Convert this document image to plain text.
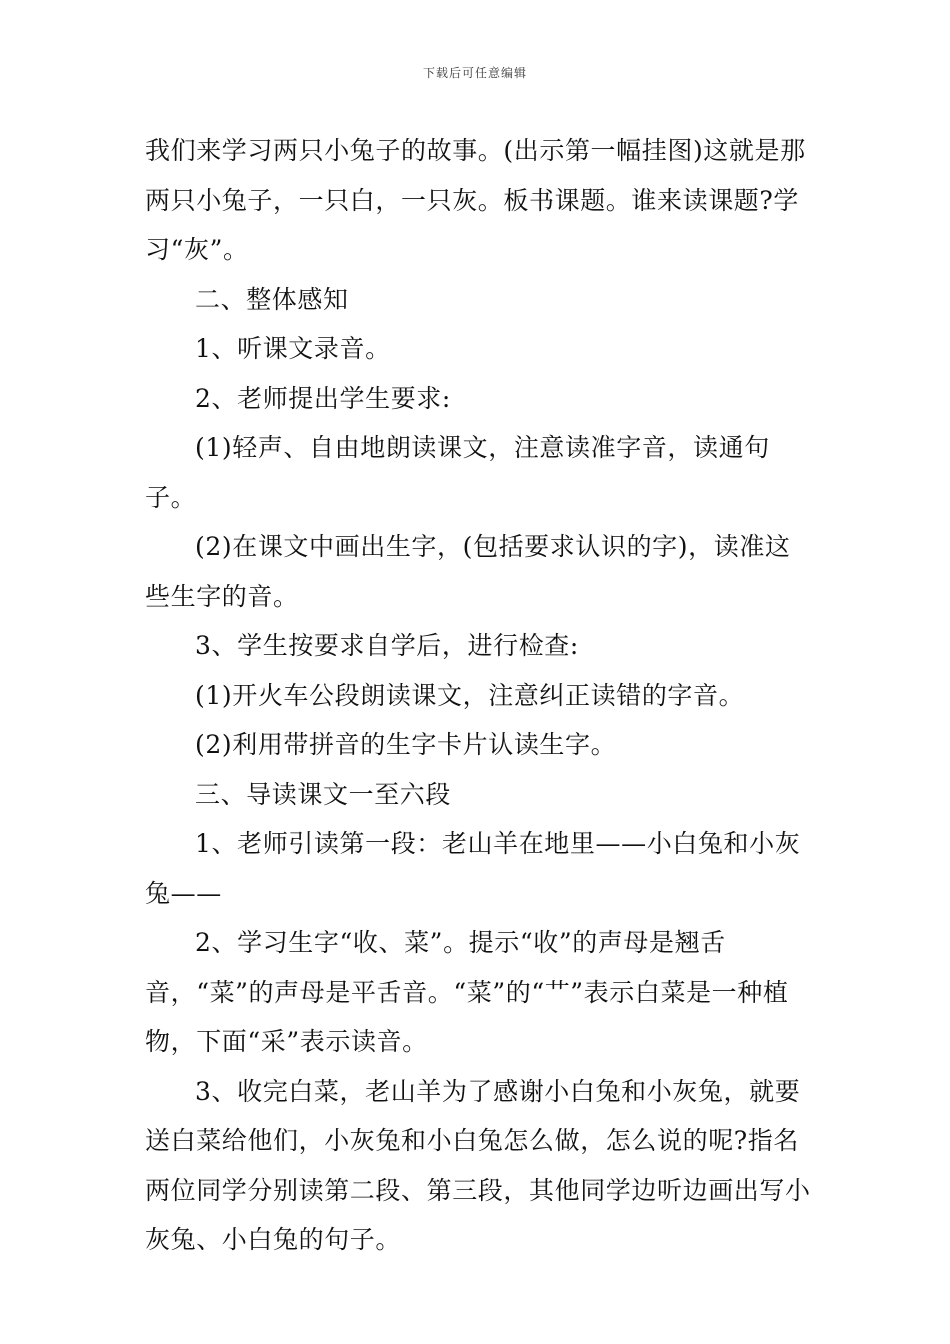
下载后可任意编辑

我们来学习两只小兔子的故事。(出示第一幅挂图)这就是那两只小兔子，一只白，一只灰。板书课题。谁来读课题?学习“灰”。

二、整体感知

1、听课文录音。

2、老师提出学生要求:

(1)轻声、自由地朗读课文，注意读准字音，读通句子。

(2)在课文中画出生字，(包括要求认识的字)，读准这些生字的音。

3、学生按要求自学后，进行检查:

(1)开火车公段朗读课文，注意纠正读错的字音。

(2)利用带拼音的生字卡片认读生字。

三、导读课文一至六段

1、老师引读第一段：老山羊在地里——小白兔和小灰兔——

2、学习生字“收、菜”。提示“收”的声母是翘舌音，“菜”的声母是平舌音。“菜”的“艹”表示白菜是一种植物，下面“采”表示读音。

3、收完白菜，老山羊为了感谢小白兔和小灰兔，就要送白菜给他们，小灰兔和小白兔怎么做，怎么说的呢?指名两位同学分别读第二段、第三段，其他同学边听边画出写小灰兔、小白兔的句子。
